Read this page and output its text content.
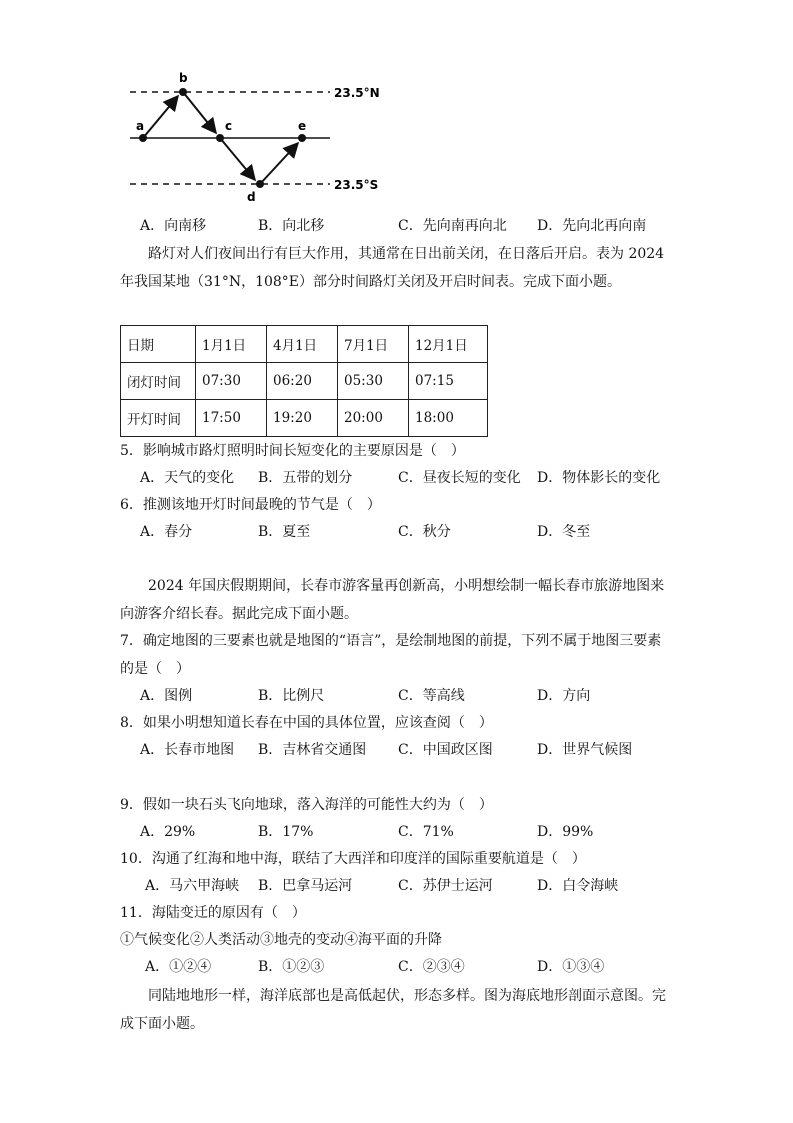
a
b
c
d
e
23.5°N
23.5°S
A．向南移	B．向北移	C．先向南再向北 D．先向北再向南
路灯对人们夜间出行有巨大作用，其通常在日出前关闭，在日落后开启。表为 2024 年我国某地（31°N，108°E）部分时间路灯关闭及开启时间表。完成下面小题。
日期	1月1日	4月1日	7月1日	12月1日
闭灯时间	07:30	06:20	05:30	07:15
开灯时间	17:50	19:20	20:00	18:00
5．影响城市路灯照明时间长短变化的主要原因是（　）
A．天气的变化 B．五带的划分	C．昼夜长短的变化 D．物体影长的变化
6．推测该地开灯时间最晚的节气是（　）
A．春分	B．夏至	C．秋分	D．冬至
2024 年国庆假期期间，长春市游客量再创新高，小明想绘制一幅长春市旅游地图来向游客介绍长春。据此完成下面小题。
7．确定地图的三要素也就是地图的“语言”，是绘制地图的前提，下列不属于地图三要素的是（　）
A．图例	B．比例尺	C．等高线	D．方向
8．如果小明想知道长春在中国的具体位置，应该查阅（　）
A．长春市地图 B．吉林省交通图 C．中国政区图	D．世界气候图
9．假如一块石头飞向地球，落入海洋的可能性大约为（　）
A．29%	B．17%	C．71%	D．99%
10．沟通了红海和地中海，联结了大西洋和印度洋的国际重要航道是（　）
A．马六甲海峡 B．巴拿马运河	C．苏伊士运河	D．白令海峡
11．海陆变迁的原因有（　）
①气候变化②人类活动③地壳的变动④海平面的升降
A．①②④	B．①②③	C．②③④	D．①③④
同陆地地形一样，海洋底部也是高低起伏，形态多样。图为海底地形剖面示意图。完成下面小题。
